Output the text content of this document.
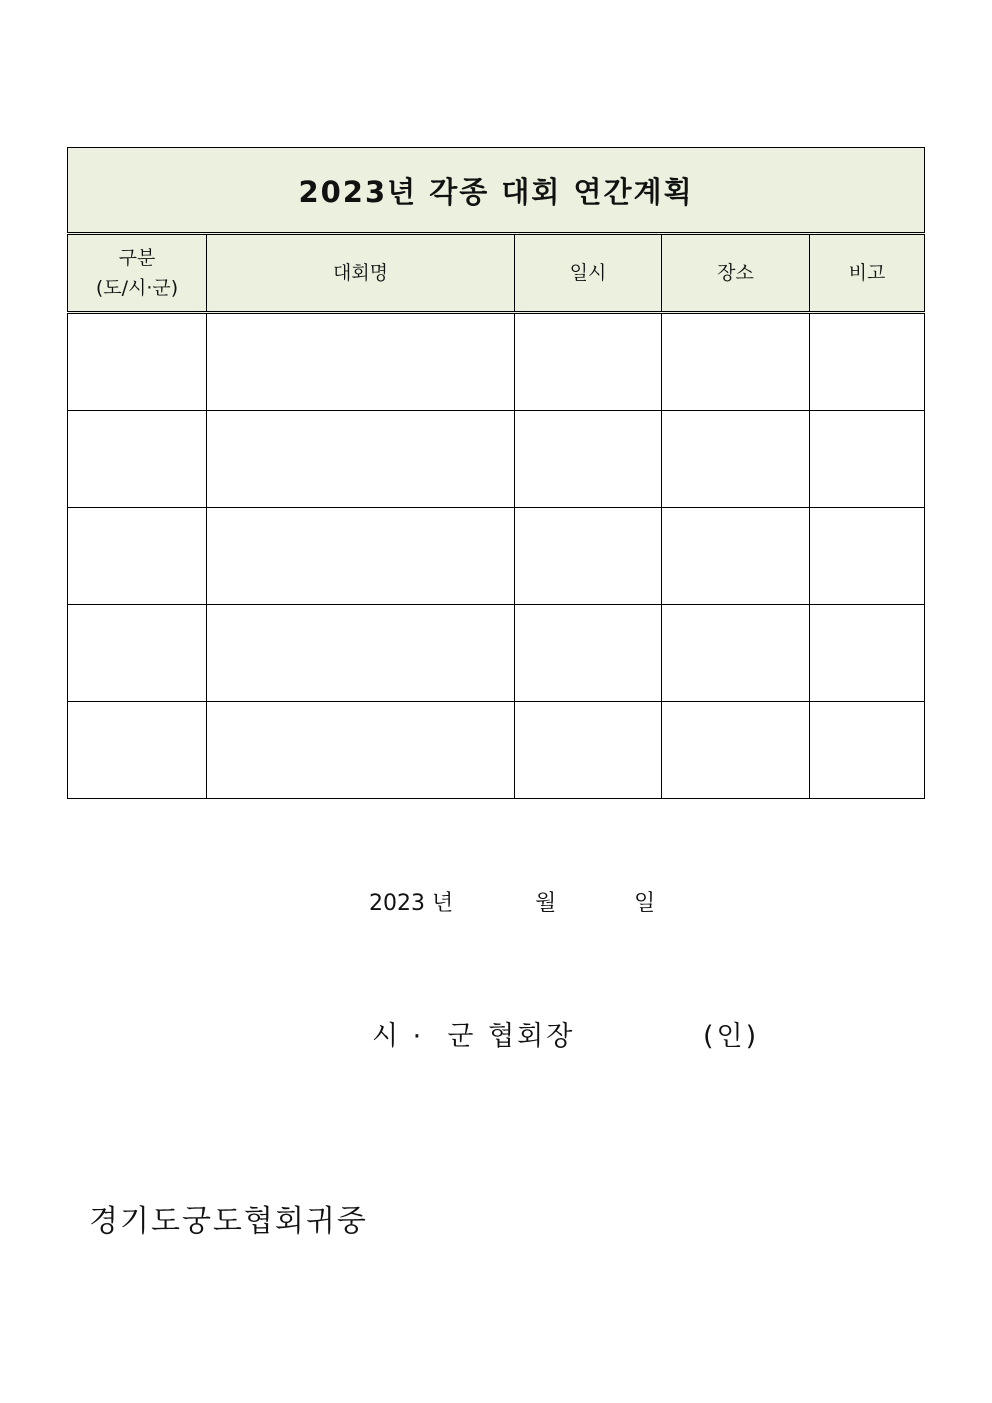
2023년 각종 대회 연간계획				

구분
(도/시·군)	대회명	일시	장소	비고

2023 년	월	일
시 ·  군 협회장	(인)
경기도궁도협회귀중
